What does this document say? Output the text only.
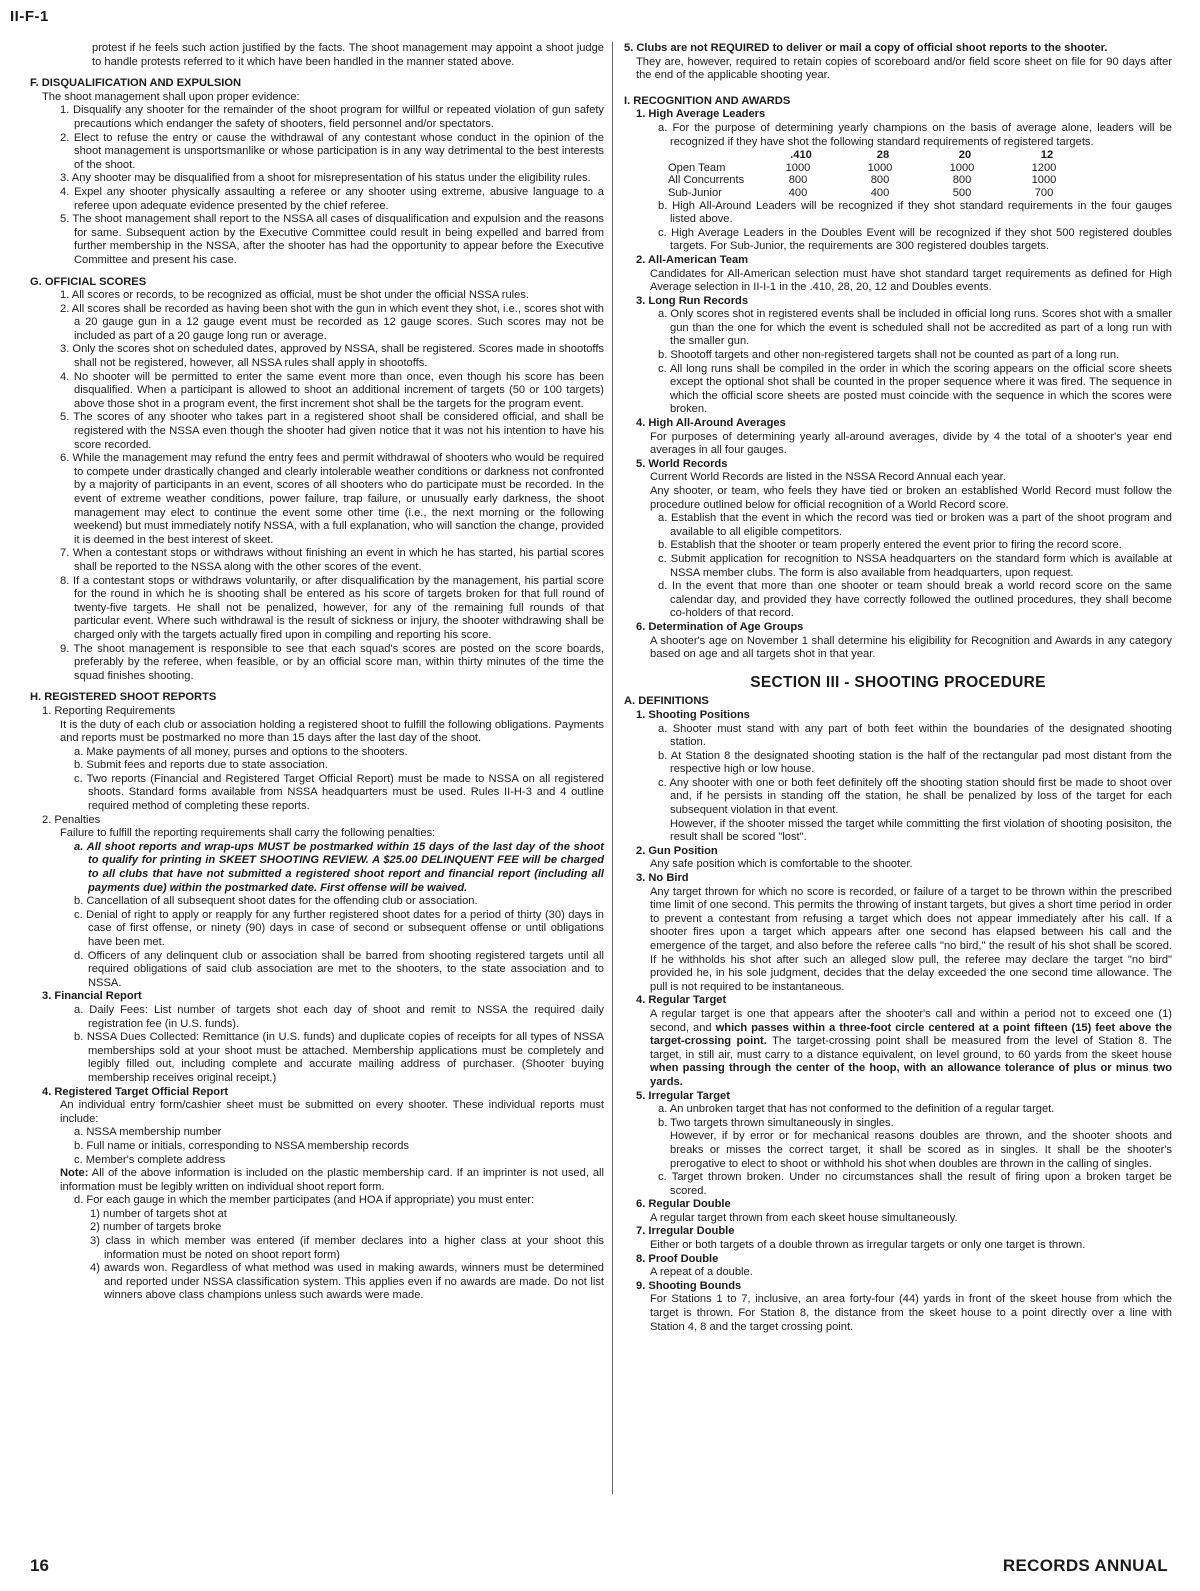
II-F-1
protest if he feels such action justified by the facts. The shoot management may appoint a shoot judge to handle protests referred to it which have been handled in the manner stated above.
F. DISQUALIFICATION AND EXPULSION
The shoot management shall upon proper evidence:
1. Disqualify any shooter for the remainder of the shoot program for willful or repeated violation of gun safety precautions which endanger the safety of shooters, field personnel and/or spectators.
2. Elect to refuse the entry or cause the withdrawal of any contestant whose conduct in the opinion of the shoot management is unsportsmanlike or whose participation is in any way detrimental to the best interests of the shoot.
3. Any shooter may be disqualified from a shoot for misrepresentation of his status under the eligibility rules.
4. Expel any shooter physically assaulting a referee or any shooter using extreme, abusive language to a referee upon adequate evidence presented by the chief referee.
5. The shoot management shall report to the NSSA all cases of disqualification and expulsion and the reasons for same. Subsequent action by the Executive Committee could result in being expelled and barred from further membership in the NSSA, after the shooter has had the opportunity to appear before the Executive Committee and present his case.
G. OFFICIAL SCORES
1. All scores or records, to be recognized as official, must be shot under the official NSSA rules.
2. All scores shall be recorded as having been shot with the gun in which event they shot, i.e., scores shot with a 20 gauge gun in a 12 gauge event must be recorded as 12 gauge scores. Such scores may not be included as part of a 20 gauge long run or average.
3. Only the scores shot on scheduled dates, approved by NSSA, shall be registered. Scores made in shootoffs shall not be registered, however, all NSSA rules shall apply in shootoffs.
4. No shooter will be permitted to enter the same event more than once, even though his score has been disqualified. When a participant is allowed to shoot an additional increment of targets (50 or 100 targets) above those shot in a program event, the first increment shot shall be the targets for the program event.
5. The scores of any shooter who takes part in a registered shoot shall be considered official, and shall be registered with the NSSA even though the shooter had given notice that it was not his intention to have his score recorded.
6. While the management may refund the entry fees and permit withdrawal of shooters who would be required to compete under drastically changed and clearly intolerable weather conditions or darkness not confronted by a majority of participants in an event, scores of all shooters who do participate must be recorded. In the event of extreme weather conditions, power failure, trap failure, or unusually early darkness, the shoot management may elect to continue the event some other time (i.e., the next morning or the following weekend) but must immediately notify NSSA, with a full explanation, who will sanction the change, provided it is deemed in the best interest of skeet.
7. When a contestant stops or withdraws without finishing an event in which he has started, his partial scores shall be reported to the NSSA along with the other scores of the event.
8. If a contestant stops or withdraws voluntarily, or after disqualification by the management, his partial score for the round in which he is shooting shall be entered as his score of targets broken for that full round of twenty-five targets. He shall not be penalized, however, for any of the remaining full rounds of that particular event. Where such withdrawal is the result of sickness or injury, the shooter withdrawing shall be charged only with the targets actually fired upon in compiling and reporting his score.
9. The shoot management is responsible to see that each squad's scores are posted on the score boards, preferably by the referee, when feasible, or by an official score man, within thirty minutes of the time the squad finishes shooting.
H. REGISTERED SHOOT REPORTS
1. Reporting Requirements
It is the duty of each club or association holding a registered shoot to fulfill the following obligations. Payments and reports must be postmarked no more than 15 days after the last day of the shoot.
a. Make payments of all money, purses and options to the shooters.
b. Submit fees and reports due to state association.
c. Two reports (Financial and Registered Target Official Report) must be made to NSSA on all registered shoots. Standard forms available from NSSA headquarters must be used. Rules II-H-3 and 4 outline required method of completing these reports.
2. Penalties
Failure to fulfill the reporting requirements shall carry the following penalties:
a. All shoot reports and wrap-ups MUST be postmarked within 15 days of the last day of the shoot to qualify for printing in SKEET SHOOTING REVIEW. A $25.00 DELINQUENT FEE will be charged to all clubs that have not submitted a registered shoot report and financial report (including all payments due) within the postmarked date. First offense will be waived.
b. Cancellation of all subsequent shoot dates for the offending club or association.
c. Denial of right to apply or reapply for any further registered shoot dates for a period of thirty (30) days in case of first offense, or ninety (90) days in case of second or subsequent offense or until obligations have been met.
d. Officers of any delinquent club or association shall be barred from shooting registered targets until all required obligations of said club association are met to the shooters, to the state association and to NSSA.
3. Financial Report
a. Daily Fees: List number of targets shot each day of shoot and remit to NSSA the required daily registration fee (in U.S. funds).
b. NSSA Dues Collected: Remittance (in U.S. funds) and duplicate copies of receipts for all types of NSSA memberships sold at your shoot must be attached. Membership applications must be completely and legibly filled out, including complete and accurate mailing address of purchaser. (Shooter buying membership receives original receipt.)
4. Registered Target Official Report
An individual entry form/cashier sheet must be submitted on every shooter. These individual reports must include:
a. NSSA membership number
b. Full name or initials, corresponding to NSSA membership records
c. Member's complete address
Note: All of the above information is included on the plastic membership card. If an imprinter is not used, all information must be legibly written on individual shoot report form.
d. For each gauge in which the member participates (and HOA if appropriate) you must enter:
1) number of targets shot at
2) number of targets broke
3) class in which member was entered (if member declares into a higher class at your shoot this information must be noted on shoot report form)
4) awards won. Regardless of what method was used in making awards, winners must be determined and reported under NSSA classification system. This applies even if no awards are made. Do not list winners above class champions unless such awards were made.
5. Clubs are not REQUIRED to deliver or mail a copy of official shoot reports to the shooter.
They are, however, required to retain copies of scoreboard and/or field score sheet on file for 90 days after the end of the applicable shooting year.
I. RECOGNITION AND AWARDS
1. High Average Leaders
a. For the purpose of determining yearly champions on the basis of average alone, leaders will be recognized if they have shot the following standard requirements of registered targets.
	.410	28	20	12
Open Team	1000	1000	1000	1200
All Concurrents	800	800	800	1000
Sub-Junior	400	400	500	700
b. High All-Around Leaders will be recognized if they shot standard requirements in the four gauges listed above.
c. High Average Leaders in the Doubles Event will be recognized if they shot 500 registered doubles targets. For Sub-Junior, the requirements are 300 registered doubles targets.
2. All-American Team
Candidates for All-American selection must have shot standard target requirements as defined for High Average selection in II-I-1 in the .410, 28, 20, 12 and Doubles events.
3. Long Run Records
a. Only scores shot in registered events shall be included in official long runs. Scores shot with a smaller gun than the one for which the event is scheduled shall not be accredited as part of a long run with the smaller gun.
b. Shootoff targets and other non-registered targets shall not be counted as part of a long run.
c. All long runs shall be compiled in the order in which the scoring appears on the official score sheets except the optional shot shall be counted in the proper sequence where it was fired. The sequence in which the official score sheets are posted must coincide with the sequence in which the scores were broken.
4. High All-Around Averages
For purposes of determining yearly all-around averages, divide by 4 the total of a shooter's year end averages in all four gauges.
5. World Records
Current World Records are listed in the NSSA Record Annual each year.
Any shooter, or team, who feels they have tied or broken an established World Record must follow the procedure outlined below for official recognition of a World Record score.
a. Establish that the event in which the record was tied or broken was a part of the shoot program and available to all eligible competitors.
b. Establish that the shooter or team properly entered the event prior to firing the record score.
c. Submit application for recognition to NSSA headquarters on the standard form which is available at NSSA member clubs. The form is also available from headquarters, upon request.
d. In the event that more than one shooter or team should break a world record score on the same calendar day, and provided they have correctly followed the outlined procedures, they shall become co-holders of that record.
6. Determination of Age Groups
A shooter's age on November 1 shall determine his eligibility for Recognition and Awards in any category based on age and all targets shot in that year.
SECTION III - SHOOTING PROCEDURE
A. DEFINITIONS
1. Shooting Positions
a. Shooter must stand with any part of both feet within the boundaries of the designated shooting station.
b. At Station 8 the designated shooting station is the half of the rectangular pad most distant from the respective high or low house.
c. Any shooter with one or both feet definitely off the shooting station should first be made to shoot over and, if he persists in standing off the station, he shall be penalized by loss of the target for each subsequent violation in that event.
However, if the shooter missed the target while committing the first violation of shooting posisiton, the result shall be scored "lost".
2. Gun Position
Any safe position which is comfortable to the shooter.
3. No Bird
Any target thrown for which no score is recorded, or failure of a target to be thrown within the prescribed time limit of one second. This permits the throwing of instant targets, but gives a short time period in order to prevent a contestant from refusing a target which does not appear immediately after his call. If a shooter fires upon a target which appears after one second has elapsed between his call and the emergence of the target, and also before the referee calls "no bird," the result of his shot shall be scored. If he withholds his shot after such an alleged slow pull, the referee may declare the target "no bird" provided he, in his sole judgment, decides that the delay exceeded the one second time allowance. The pull is not required to be instantaneous.
4. Regular Target
A regular target is one that appears after the shooter's call and within a period not to exceed one (1) second, and which passes within a three-foot circle centered at a point fifteen (15) feet above the target-crossing point. The target-crossing point shall be measured from the level of Station 8. The target, in still air, must carry to a distance equivalent, on level ground, to 60 yards from the skeet house when passing through the center of the hoop, with an allowance tolerance of plus or minus two yards.
5. Irregular Target
a. An unbroken target that has not conformed to the definition of a regular target.
b. Two targets thrown simultaneously in singles.
However, if by error or for mechanical reasons doubles are thrown, and the shooter shoots and breaks or misses the correct target, it shall be scored as in singles. It shall be the shooter's prerogative to elect to shoot or withhold his shot when doubles are thrown in the calling of singles.
c. Target thrown broken. Under no circumstances shall the result of firing upon a broken target be scored.
6. Regular Double
A regular target thrown from each skeet house simultaneously.
7. Irregular Double
Either or both targets of a double thrown as irregular targets or only one target is thrown.
8. Proof Double
A repeat of a double.
9. Shooting Bounds
For Stations 1 to 7, inclusive, an area forty-four (44) yards in front of the skeet house from which the target is thrown. For Station 8, the distance from the skeet house to a point directly over a line with Station 4, 8 and the target crossing point.
16	RECORDS ANNUAL
